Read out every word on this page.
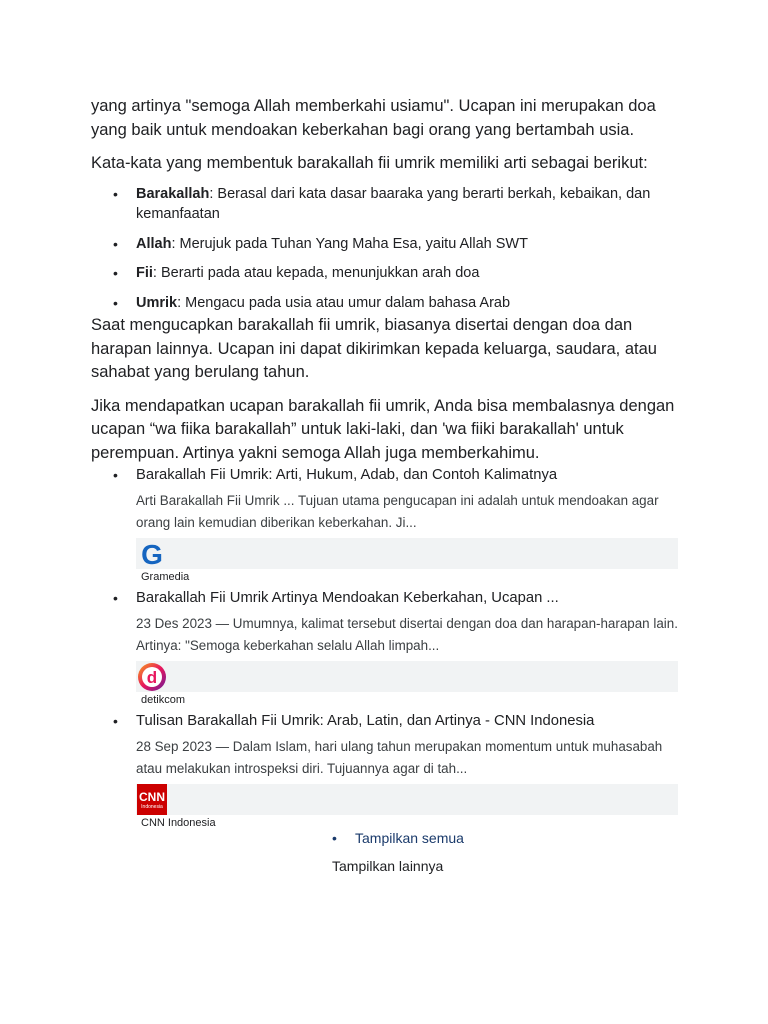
yang artinya "semoga Allah memberkahi usiamu". Ucapan ini merupakan doa yang baik untuk mendoakan keberkahan bagi orang yang bertambah usia.

Kata-kata yang membentuk barakallah fii umrik memiliki arti sebagai berikut:

• Barakallah: Berasal dari kata dasar baaraka yang berarti berkah, kebaikan, dan kemanfaatan
• Allah: Merujuk pada Tuhan Yang Maha Esa, yaitu Allah SWT
• Fii: Berarti pada atau kepada, menunjukkan arah doa
• Umrik: Mengacu pada usia atau umur dalam bahasa Arab

Saat mengucapkan barakallah fii umrik, biasanya disertai dengan doa dan harapan lainnya. Ucapan ini dapat dikirimkan kepada keluarga, saudara, atau sahabat yang berulang tahun.

Jika mendapatkan ucapan barakallah fii umrik, Anda bisa membalasnya dengan ucapan “wa fiika barakallah” untuk laki-laki, dan 'wa fiiki barakallah' untuk perempuan. Artinya yakni semoga Allah juga memberkahimu.

• Barakallah Fii Umrik: Arti, Hukum, Adab, dan Contoh Kalimatnya
Arti Barakallah Fii Umrik ... Tujuan utama pengucapan ini adalah untuk mendoakan agar orang lain kemudian diberikan keberkahan. Ji...
G
Gramedia
• Barakallah Fii Umrik Artinya Mendoakan Keberkahan, Ucapan ...
23 Des 2023 — Umumnya, kalimat tersebut disertai dengan doa dan harapan-harapan lain. Artinya: "Semoga keberkahan selalu Allah limpah...
d
detikcom
• Tulisan Barakallah Fii Umrik: Arab, Latin, dan Artinya - CNN Indonesia
28 Sep 2023 — Dalam Islam, hari ulang tahun merupakan momentum untuk muhasabah atau melakukan introspeksi diri. Tujuannya agar di tah...
CNN
Indonesia
CNN Indonesia
• Tampilkan semua
Tampilkan lainnya
